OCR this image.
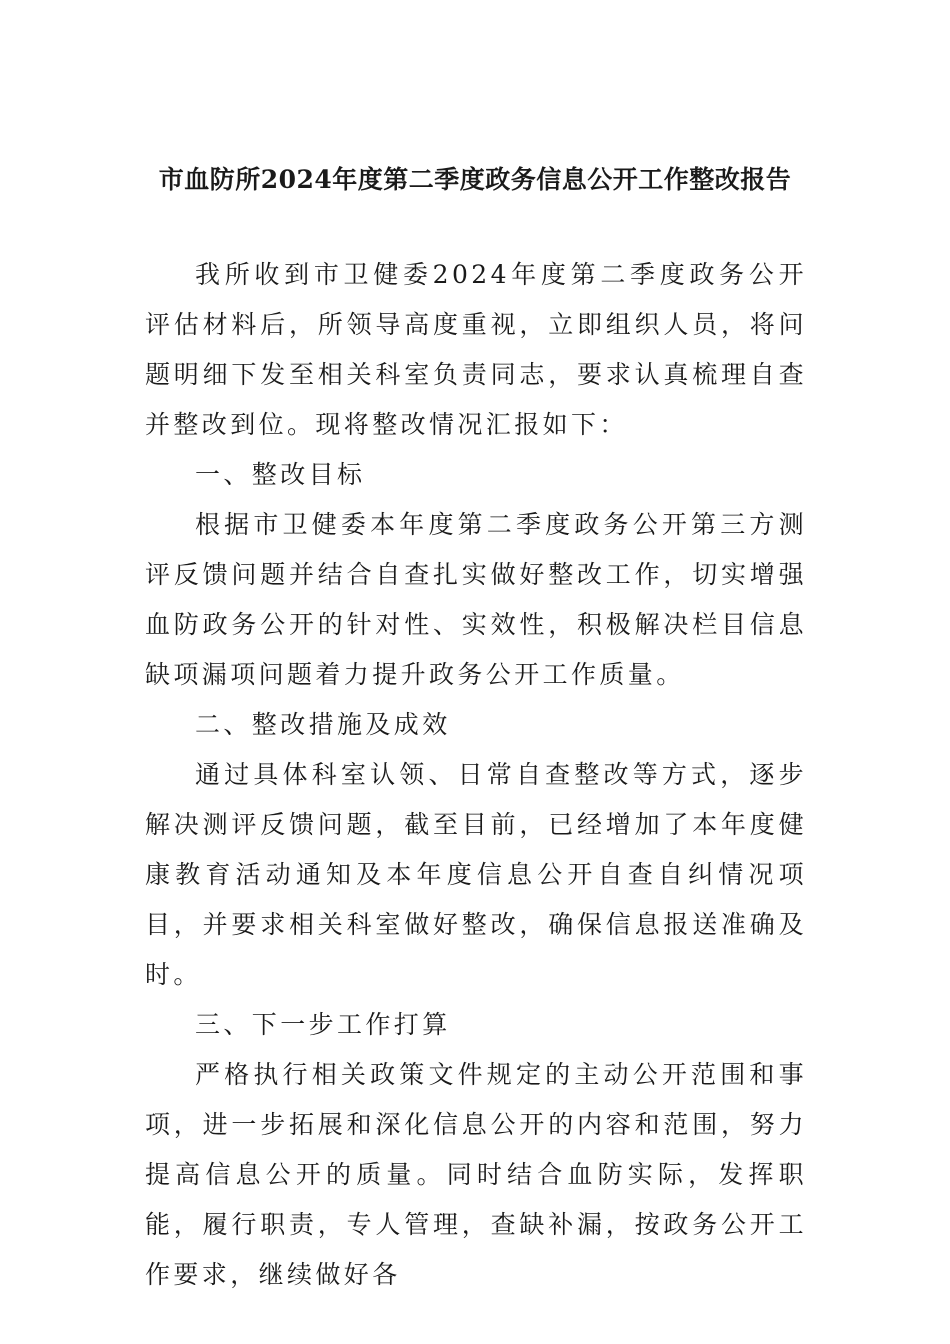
市血防所2024年度第二季度政务信息公开工作整改报告

我所收到市卫健委2024年度第二季度政务公开评估材料后，所领导高度重视，立即组织人员，将问题明细下发至相关科室负责同志，要求认真梳理自查并整改到位。现将整改情况汇报如下：

一、整改目标

根据市卫健委本年度第二季度政务公开第三方测评反馈问题并结合自查扎实做好整改工作，切实增强血防政务公开的针对性、实效性，积极解决栏目信息缺项漏项问题着力提升政务公开工作质量。

二、整改措施及成效

通过具体科室认领、日常自查整改等方式，逐步解决测评反馈问题，截至目前，已经增加了本年度健康教育活动通知及本年度信息公开自查自纠情况项目，并要求相关科室做好整改，确保信息报送准确及时。

三、下一步工作打算

严格执行相关政策文件规定的主动公开范围和事项，进一步拓展和深化信息公开的内容和范围，努力提高信息公开的质量。同时结合血防实际，发挥职能，履行职责，专人管理，查缺补漏，按政务公开工作要求，继续做好各
